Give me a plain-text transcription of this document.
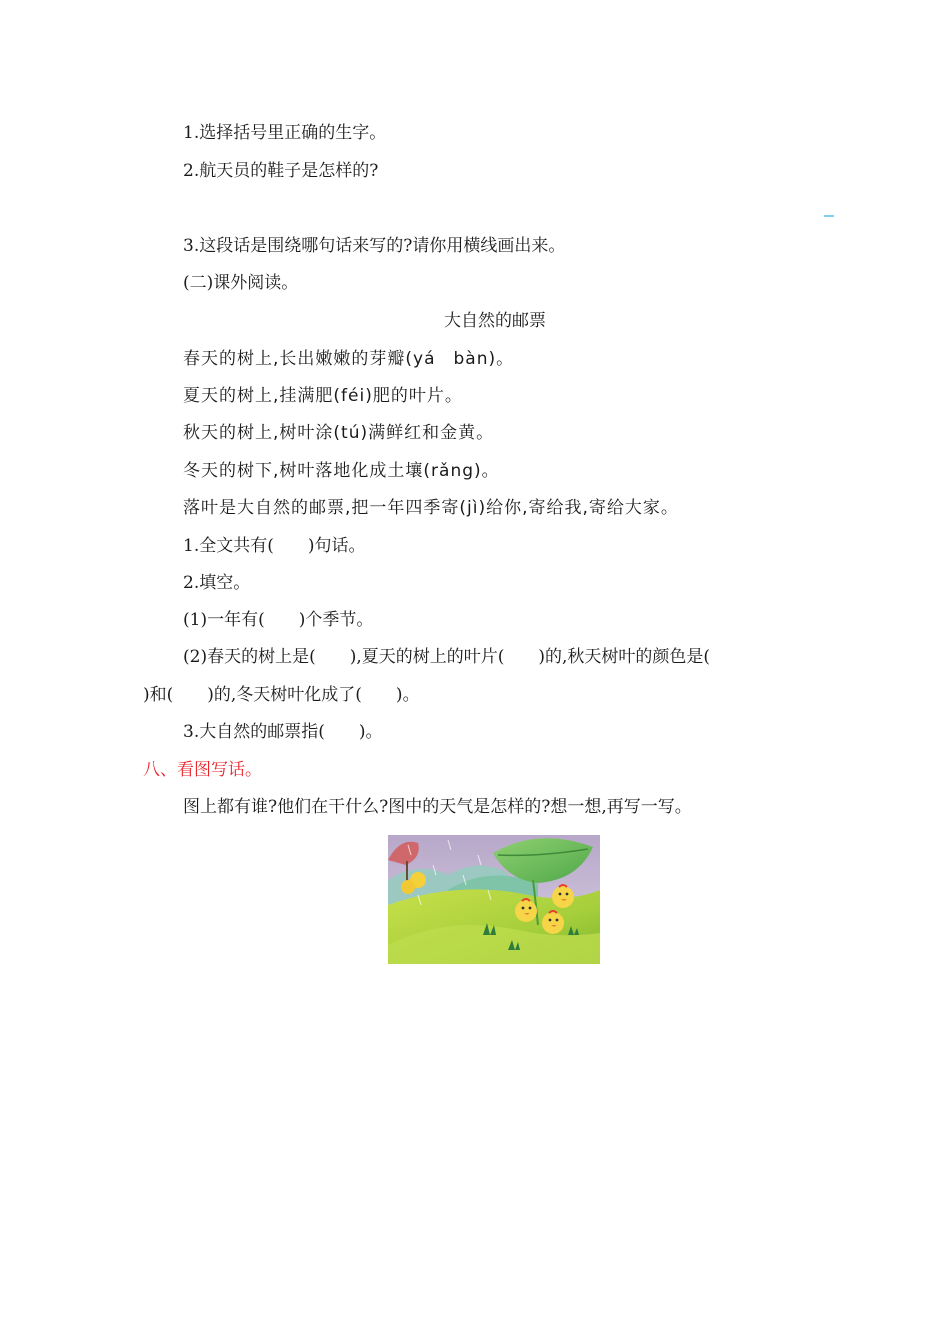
1.选择括号里正确的生字。
2.航天员的鞋子是怎样的?
3.这段话是围绕哪句话来写的?请你用横线画出来。
(二)课外阅读。
大自然的邮票
春天的树上,长出嫩嫩的芽瓣(yá　bàn)。
夏天的树上,挂满肥(féi)肥的叶片。
秋天的树上,树叶涂(tú)满鲜红和金黄。
冬天的树下,树叶落地化成土壤(rǎng)。
落叶是大自然的邮票,把一年四季寄(jì)给你,寄给我,寄给大家。
1.全文共有(　　)句话。
2.填空。
(1)一年有(　　)个季节。
(2)春天的树上是(　　),夏天的树上的叶片(　　)的,秋天树叶的颜色是(
)和(　　)的,冬天树叶化成了(　　)。
3.大自然的邮票指(　　)。
八、看图写话。
图上都有谁?他们在干什么?图中的天气是怎样的?想一想,再写一写。
